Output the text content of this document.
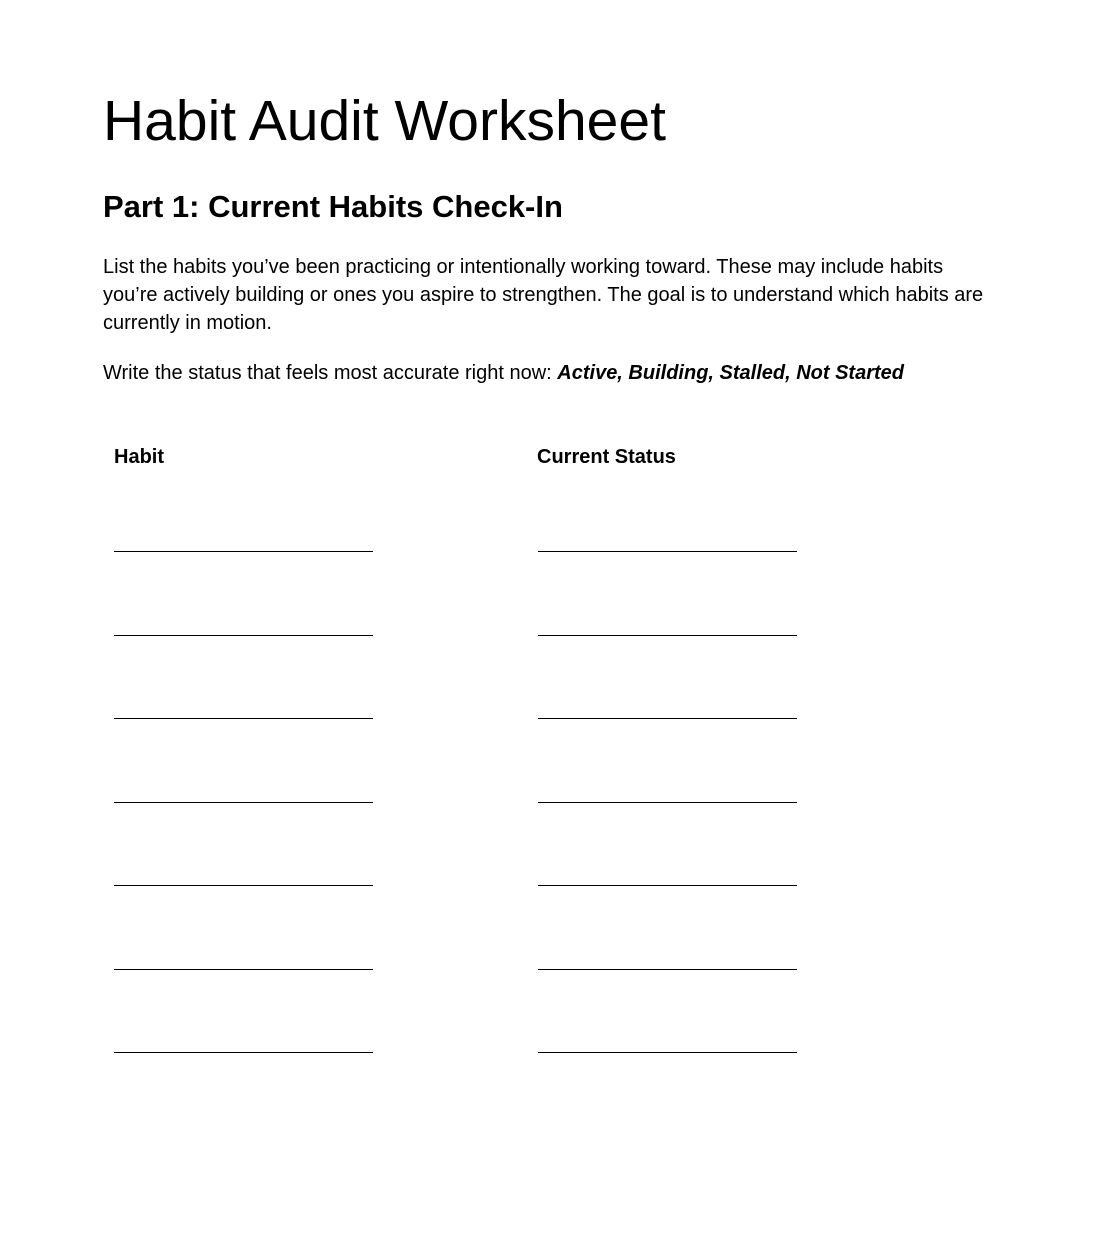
Habit Audit Worksheet
Part 1: Current Habits Check-In

List the habits you’ve been practicing or intentionally working toward. These may include habits you’re actively building or ones you aspire to strengthen. The goal is to understand which habits are currently in motion.

Write the status that feels most accurate right now: Active, Building, Stalled, Not Started

Habit	Current Status
